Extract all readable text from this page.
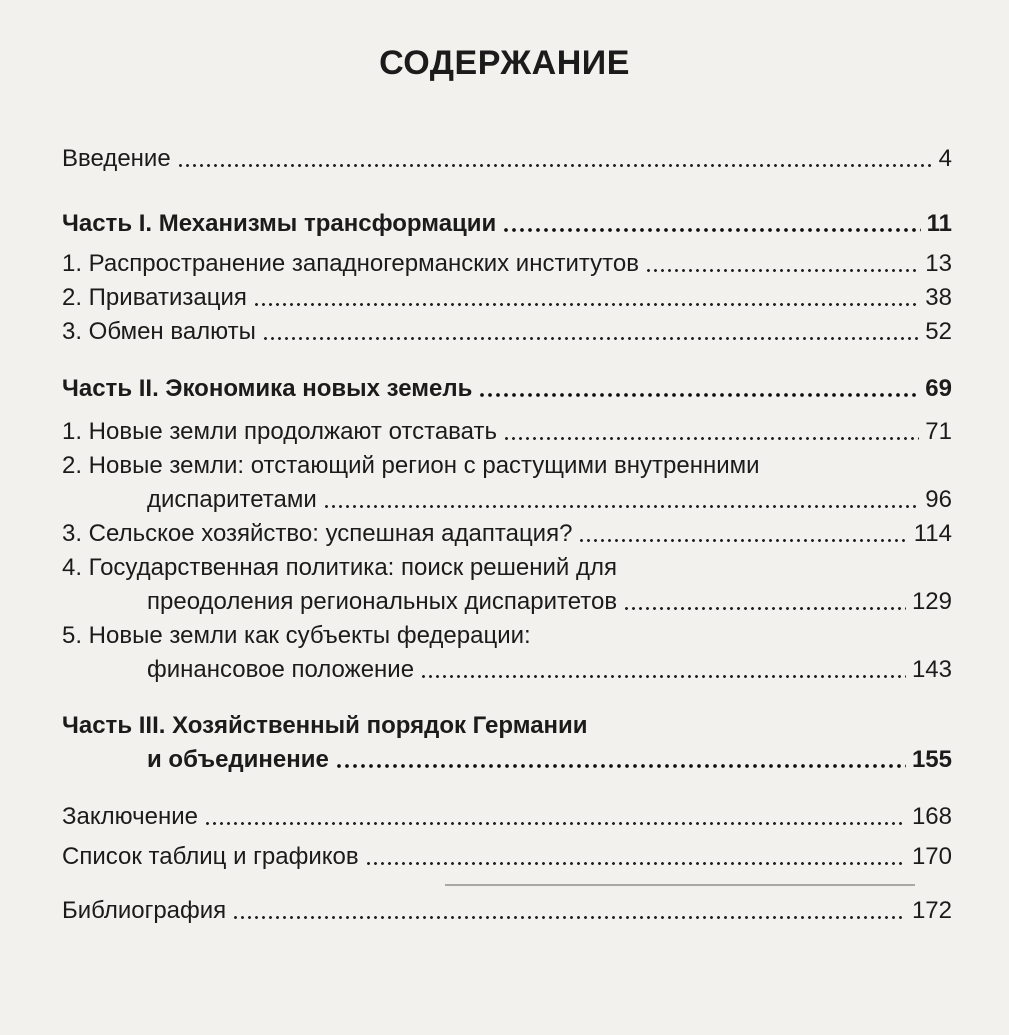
СОДЕРЖАНИЕ
Введение	4
Часть I. Механизмы трансформации	11
1. Распространение западногерманских институтов	13
2. Приватизация	38
3. Обмен валюты	52
Часть II. Экономика новых земель	69
1. Новые земли продолжают отставать	71
2. Новые земли: отстающий регион с растущими внутренними
диспаритетами	96
3. Сельское хозяйство: успешная адаптация?	114
4. Государственная политика: поиск решений для
преодоления региональных диспаритетов	129
5. Новые земли как субъекты федерации:
финансовое положение	143
Часть III. Хозяйственный порядок Германии
и объединение	155
Заключение	168
Список таблиц и графиков	170
Библиография	172
